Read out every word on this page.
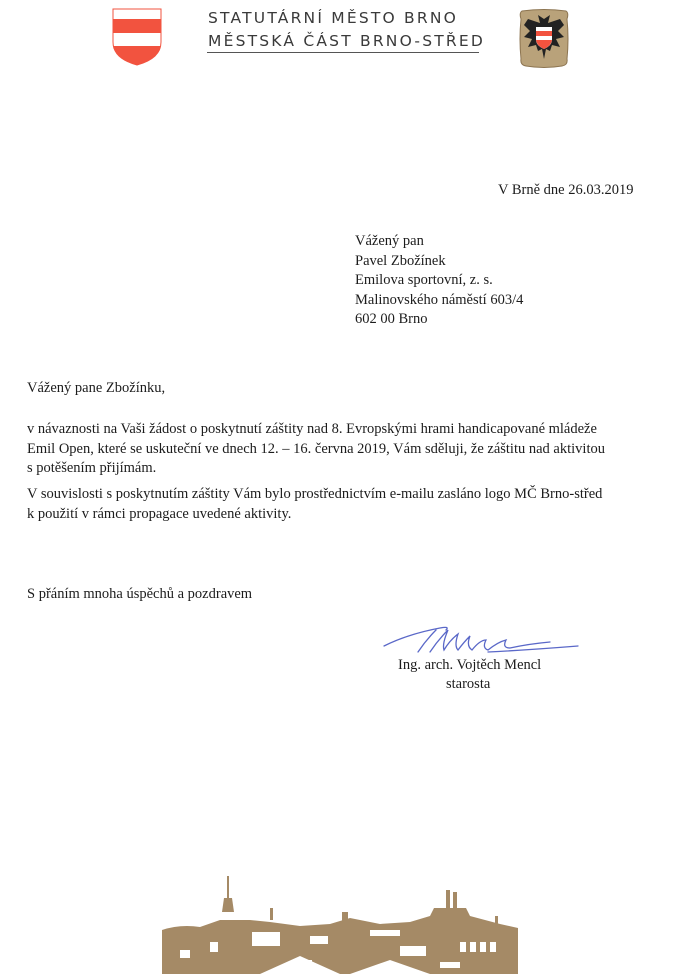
STATUTÁRNÍ MĚSTO BRNO
MĚSTSKÁ ČÁST BRNO-STŘED
V Brně dne 26.03.2019
Vážený pan
Pavel Zbožínek
Emilova sportovní, z. s.
Malinovského náměstí 603/4
602 00 Brno
Vážený pane Zbožínku,
v návaznosti na Vaši žádost o poskytnutí záštity nad 8. Evropskými hrami handicapované mládeže
Emil Open, které se uskuteční ve dnech 12. – 16. června 2019, Vám sděluji, že záštitu nad aktivitou
s potěšením přijímám.
V souvislosti s poskytnutím záštity Vám bylo prostřednictvím e-mailu zasláno logo MČ Brno-střed
k použití v rámci propagace uvedené aktivity.
S přáním mnoha úspěchů a pozdravem
Ing. arch. Vojtěch Mencl
starosta
